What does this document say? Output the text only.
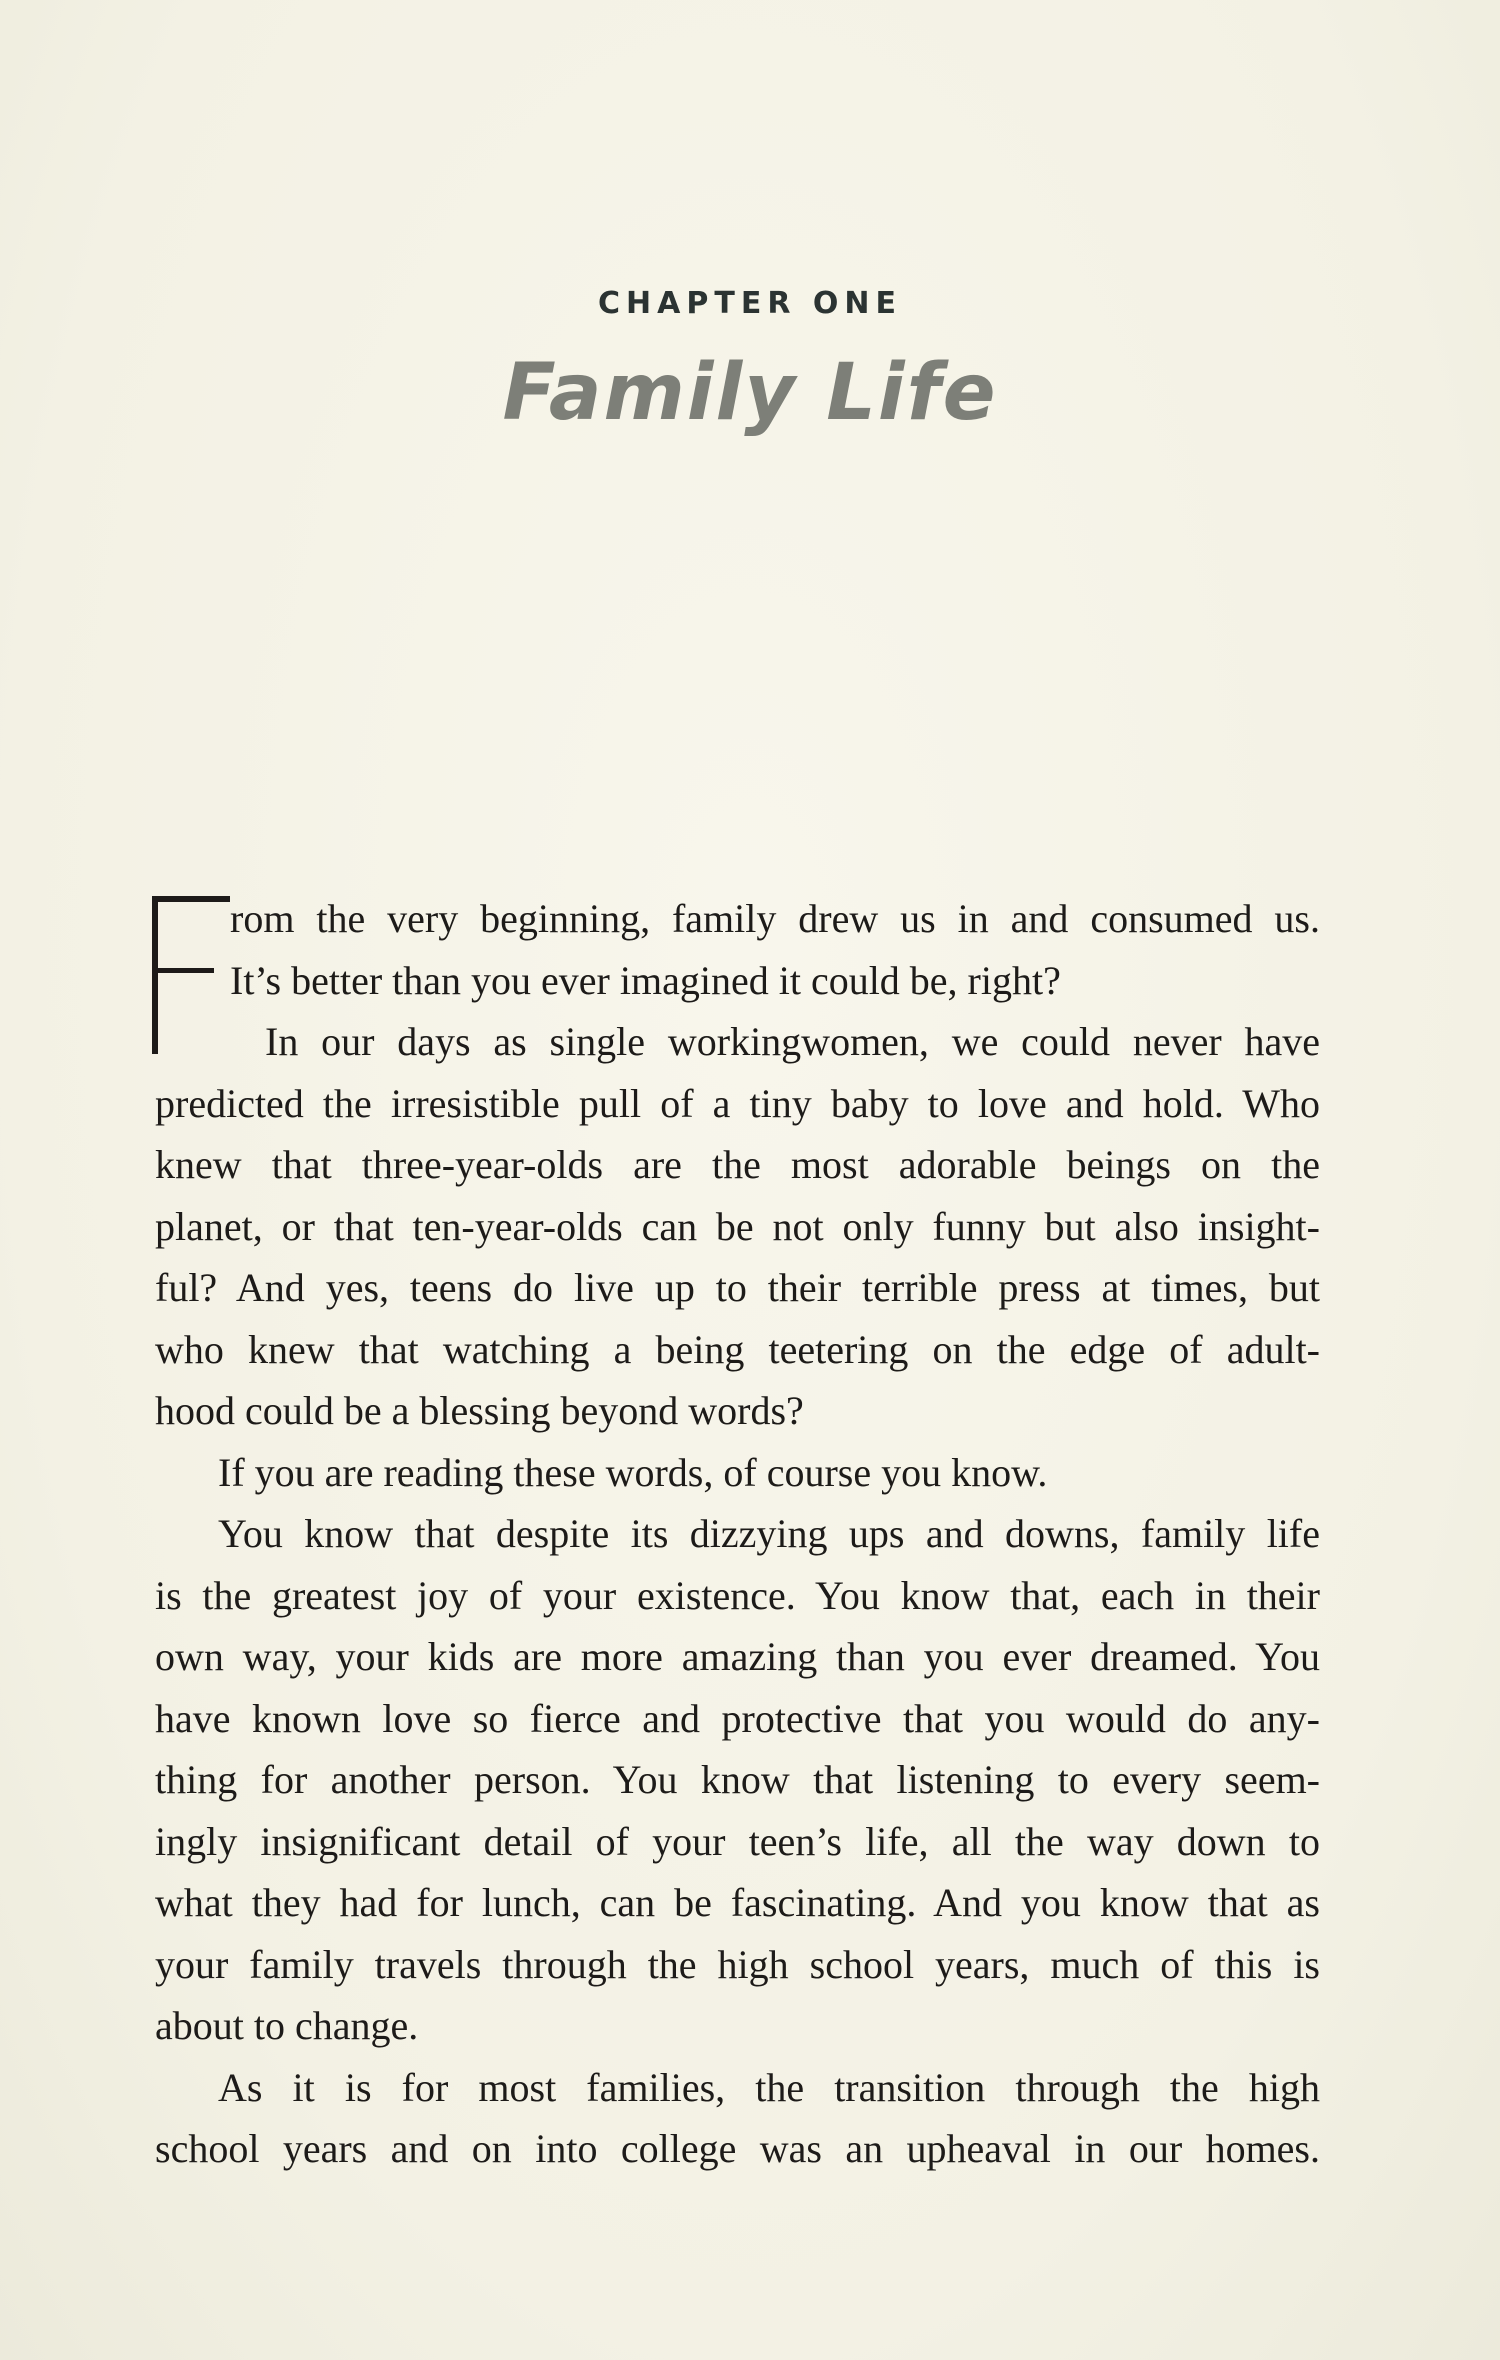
CHAPTER ONE
Family Life
rom the very beginning, family drew us in and consumed us.
It’s better than you ever imagined it could be, right?
In our days as single workingwomen, we could never have
predicted the irresistible pull of a tiny baby to love and hold. Who
knew that three-year-olds are the most adorable beings on the
planet, or that ten-year-olds can be not only funny but also insight-
ful? And yes, teens do live up to their terrible press at times, but
who knew that watching a being teetering on the edge of adult-
hood could be a blessing beyond words?
If you are reading these words, of course you know.
You know that despite its dizzying ups and downs, family life
is the greatest joy of your existence. You know that, each in their
own way, your kids are more amazing than you ever dreamed. You
have known love so fierce and protective that you would do any-
thing for another person. You know that listening to every seem-
ingly insignificant detail of your teen’s life, all the way down to
what they had for lunch, can be fascinating. And you know that as
your family travels through the high school years, much of this is
about to change.
As it is for most families, the transition through the high
school years and on into college was an upheaval in our homes.
